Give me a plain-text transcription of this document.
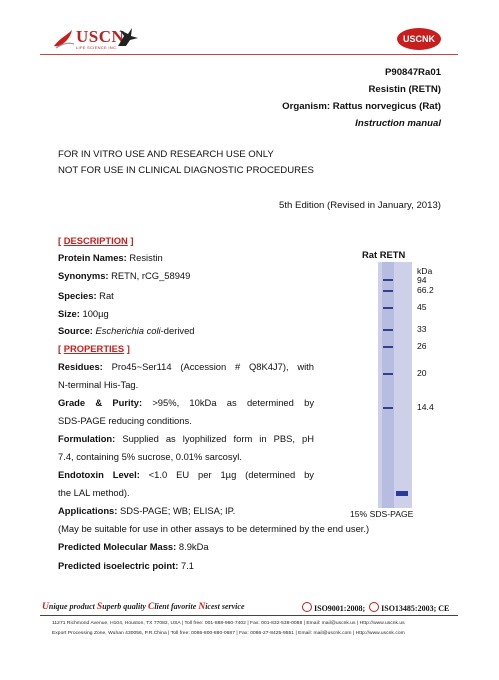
USCN
LIFE SCIENCE INC.
USCNK
P90847Ra01
Resistin (RETN)
Organism: Rattus norvegicus (Rat)
Instruction manual
FOR IN VITRO USE AND RESEARCH USE ONLY
NOT FOR USE IN CLINICAL DIAGNOSTIC PROCEDURES
5th Edition (Revised in January, 2013)
[ DESCRIPTION ]
Protein Names: Resistin
Synonyms: RETN, rCG_58949
Species: Rat
Size: 100µg
Source: Escherichia coli-derived
[ PROPERTIES ]
Residues: Pro45~Ser114 (Accession # Q8K4J7), with
N-terminal His-Tag.
Grade & Purity: >95%, 10kDa as determined by
SDS-PAGE reducing conditions.
Formulation: Supplied as lyophilized form in PBS, pH
7.4, containing 5% sucrose, 0.01% sarcosyl.
Endotoxin Level: <1.0 EU per 1µg (determined by
the LAL method).
Applications: SDS-PAGE; WB; ELISA; IP.
(May be suitable for use in other assays to be determined by the end user.)
Predicted Molecular Mass: 8.9kDa
Predicted isoelectric point: 7.1
Rat RETN
kDa
94
66.2
45
33
26
20
14.4
15% SDS-PAGE
Unique product Superb quality Client favorite Nicest service	ISO9001:2008; ISO13485:2003; CE
11271 Richmond Avenue, H104, Houston, TX 77082, USA | Toll free: 001-888-960-7402 | Fax: 001-832-538-0088 | Email: mail@uscnk.us | Http://www.uscnk.us
Export Processing Zone, Wuhan 430056, P.R.China | Toll free: 0086-800-880-0687 | Fax: 0086-27-8425-9551 | Email: mail@uscnk.com | Http://www.uscnk.com
